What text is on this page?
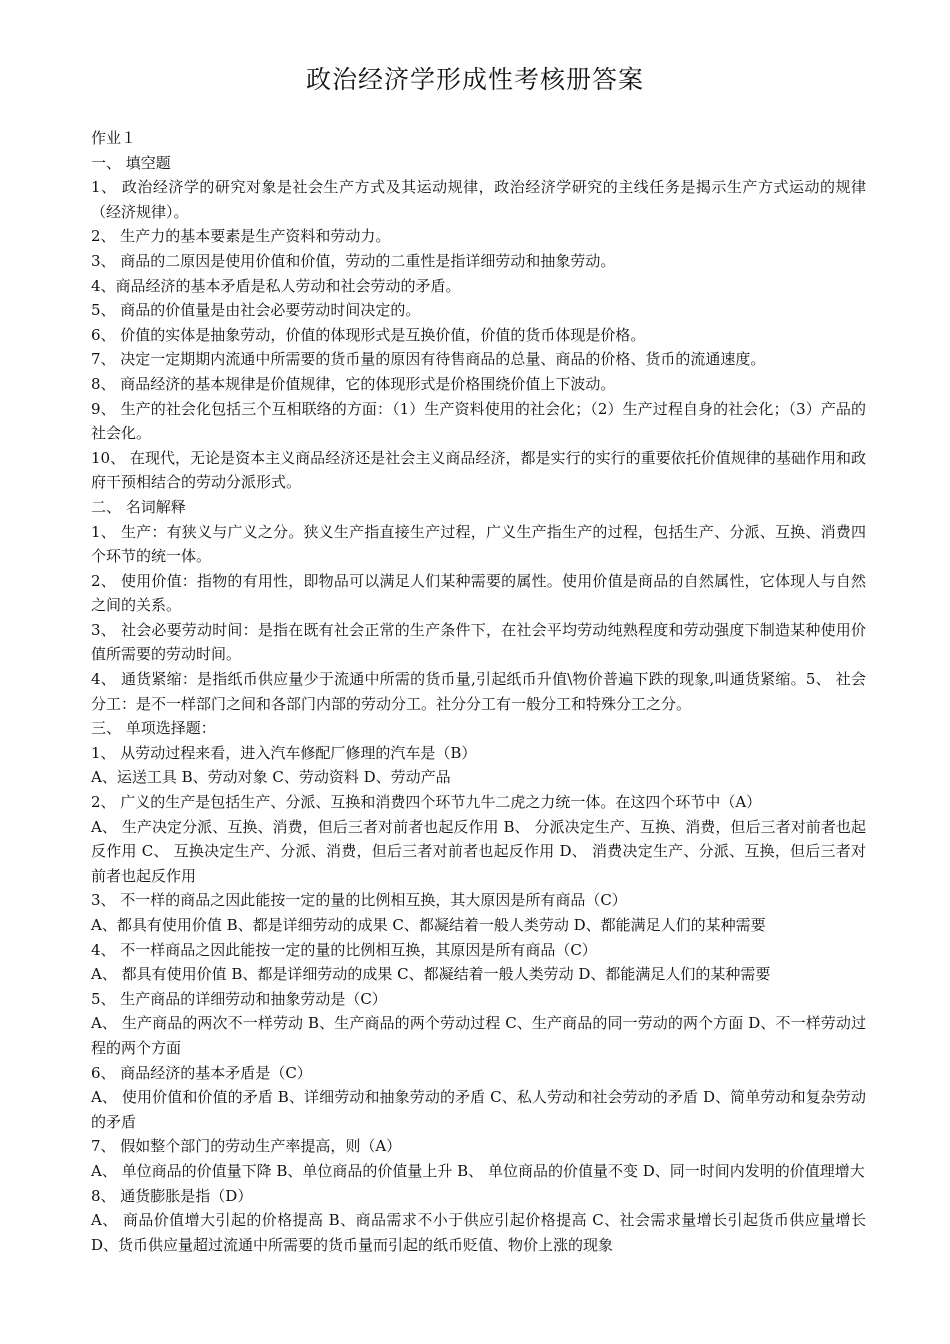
政治经济学形成性考核册答案

作业１

一、 填空题

1、 政治经济学的研究对象是社会生产方式及其运动规律，政治经济学研究的主线任务是揭示生产方式运动的规律（经济规律）。

2、 生产力的基本要素是生产资料和劳动力。

3、 商品的二原因是使用价值和价值，劳动的二重性是指详细劳动和抽象劳动。

4、商品经济的基本矛盾是私人劳动和社会劳动的矛盾。

5、 商品的价值量是由社会必要劳动时间决定的。

6、 价值的实体是抽象劳动，价值的体现形式是互换价值，价值的货币体现是价格。

7、 决定一定期期内流通中所需要的货币量的原因有待售商品的总量、商品的价格、货币的流通速度。

8、 商品经济的基本规律是价值规律，它的体现形式是价格围绕价值上下波动。

9、 生产的社会化包括三个互相联络的方面：（1）生产资料使用的社会化；（2）生产过程自身的社会化；（3）产品的社会化。

10、 在现代，无论是资本主义商品经济还是社会主义商品经济，都是实行的实行的重要依托价值规律的基础作用和政府干预相结合的劳动分派形式。

二、 名词解释

1、 生产：有狭义与广义之分。狭义生产指直接生产过程，广义生产指生产的过程，包括生产、分派、互换、消费四个环节的统一体。

2、 使用价值：指物的有用性，即物品可以满足人们某种需要的属性。使用价值是商品的自然属性，它体现人与自然之间的关系。

3、 社会必要劳动时间：是指在既有社会正常的生产条件下，在社会平均劳动纯熟程度和劳动强度下制造某种使用价值所需要的劳动时间。

4、 通货紧缩：是指纸币供应量少于流通中所需的货币量,引起纸币升值\物价普遍下跌的现象,叫通货紧缩。5、 社会分工：是不一样部门之间和各部门内部的劳动分工。社分分工有一般分工和特殊分工之分。

三、 单项选择题：

1、 从劳动过程来看，进入汽车修配厂修理的汽车是（B）

A、运送工具 B、劳动对象 C、劳动资料 D、劳动产品

2、 广义的生产是包括生产、分派、互换和消费四个环节九牛二虎之力统一体。在这四个环节中（A）

A、 生产决定分派、互换、消费，但后三者对前者也起反作用 B、 分派决定生产、互换、消费，但后三者对前者也起反作用 C、 互换决定生产、分派、消费，但后三者对前者也起反作用 D、 消费决定生产、分派、互换，但后三者对前者也起反作用

3、 不一样的商品之因此能按一定的量的比例相互换，其大原因是所有商品（C）

A、都具有使用价值 B、都是详细劳动的成果 C、都凝结着一般人类劳动 D、都能满足人们的某种需要

4、 不一样商品之因此能按一定的量的比例相互换，其原因是所有商品（C）

A、 都具有使用价值 B、都是详细劳动的成果 C、都凝结着一般人类劳动 D、都能满足人们的某种需要

5、 生产商品的详细劳动和抽象劳动是（C）

A、 生产商品的两次不一样劳动 B、生产商品的两个劳动过程 C、生产商品的同一劳动的两个方面 D、不一样劳动过程的两个方面

6、 商品经济的基本矛盾是（C）

A、 使用价值和价值的矛盾 B、详细劳动和抽象劳动的矛盾 C、私人劳动和社会劳动的矛盾 D、简单劳动和复杂劳动的矛盾

7、 假如整个部门的劳动生产率提高，则（A）

A、 单位商品的价值量下降 B、单位商品的价值量上升 B、 单位商品的价值量不变 D、同一时间内发明的价值理增大

8、 通货膨胀是指（D）

A、 商品价值增大引起的价格提高 B、商品需求不小于供应引起价格提高 C、社会需求量增长引起货币供应量增长 D、货币供应量超过流通中所需要的货币量而引起的纸币贬值、物价上涨的现象
